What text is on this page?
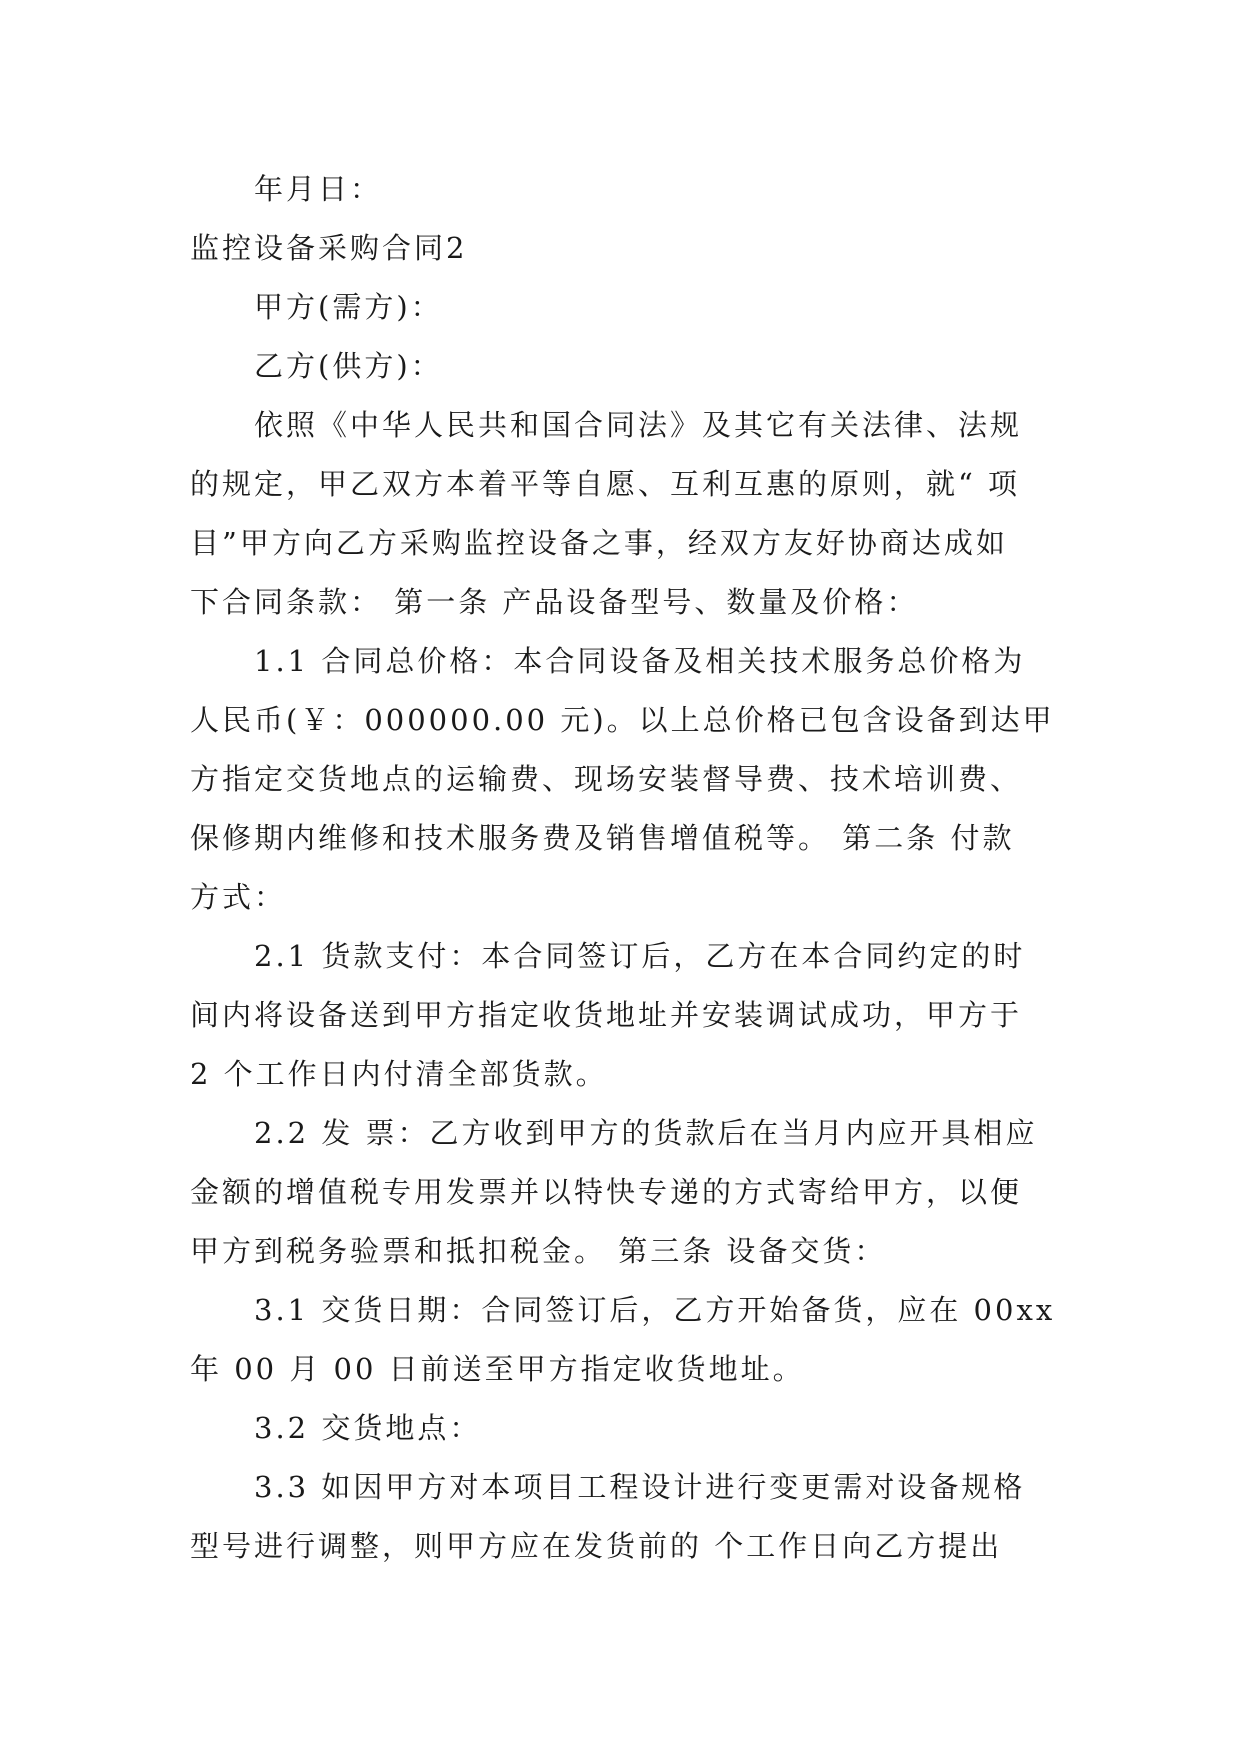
年月日：
监控设备采购合同2
甲方(需方)：
乙方(供方)：
依照《中华人民共和国合同法》及其它有关法律、法规
的规定，甲乙双方本着平等自愿、互利互惠的原则，就“ 项
目”甲方向乙方采购监控设备之事，经双方友好协商达成如
下合同条款： 第一条 产品设备型号、数量及价格：
1.1 合同总价格：本合同设备及相关技术服务总价格为
人民币(￥：000000.00 元)。以上总价格已包含设备到达甲
方指定交货地点的运输费、现场安装督导费、技术培训费、
保修期内维修和技术服务费及销售增值税等。 第二条 付款
方式：
2.1 货款支付：本合同签订后，乙方在本合同约定的时
间内将设备送到甲方指定收货地址并安装调试成功，甲方于
2 个工作日内付清全部货款。
2.2 发 票：乙方收到甲方的货款后在当月内应开具相应
金额的增值税专用发票并以特快专递的方式寄给甲方，以便
甲方到税务验票和抵扣税金。 第三条 设备交货：
3.1 交货日期：合同签订后，乙方开始备货，应在 00xx
年 00 月 00 日前送至甲方指定收货地址。
3.2 交货地点：
3.3 如因甲方对本项目工程设计进行变更需对设备规格
型号进行调整，则甲方应在发货前的 个工作日向乙方提出
